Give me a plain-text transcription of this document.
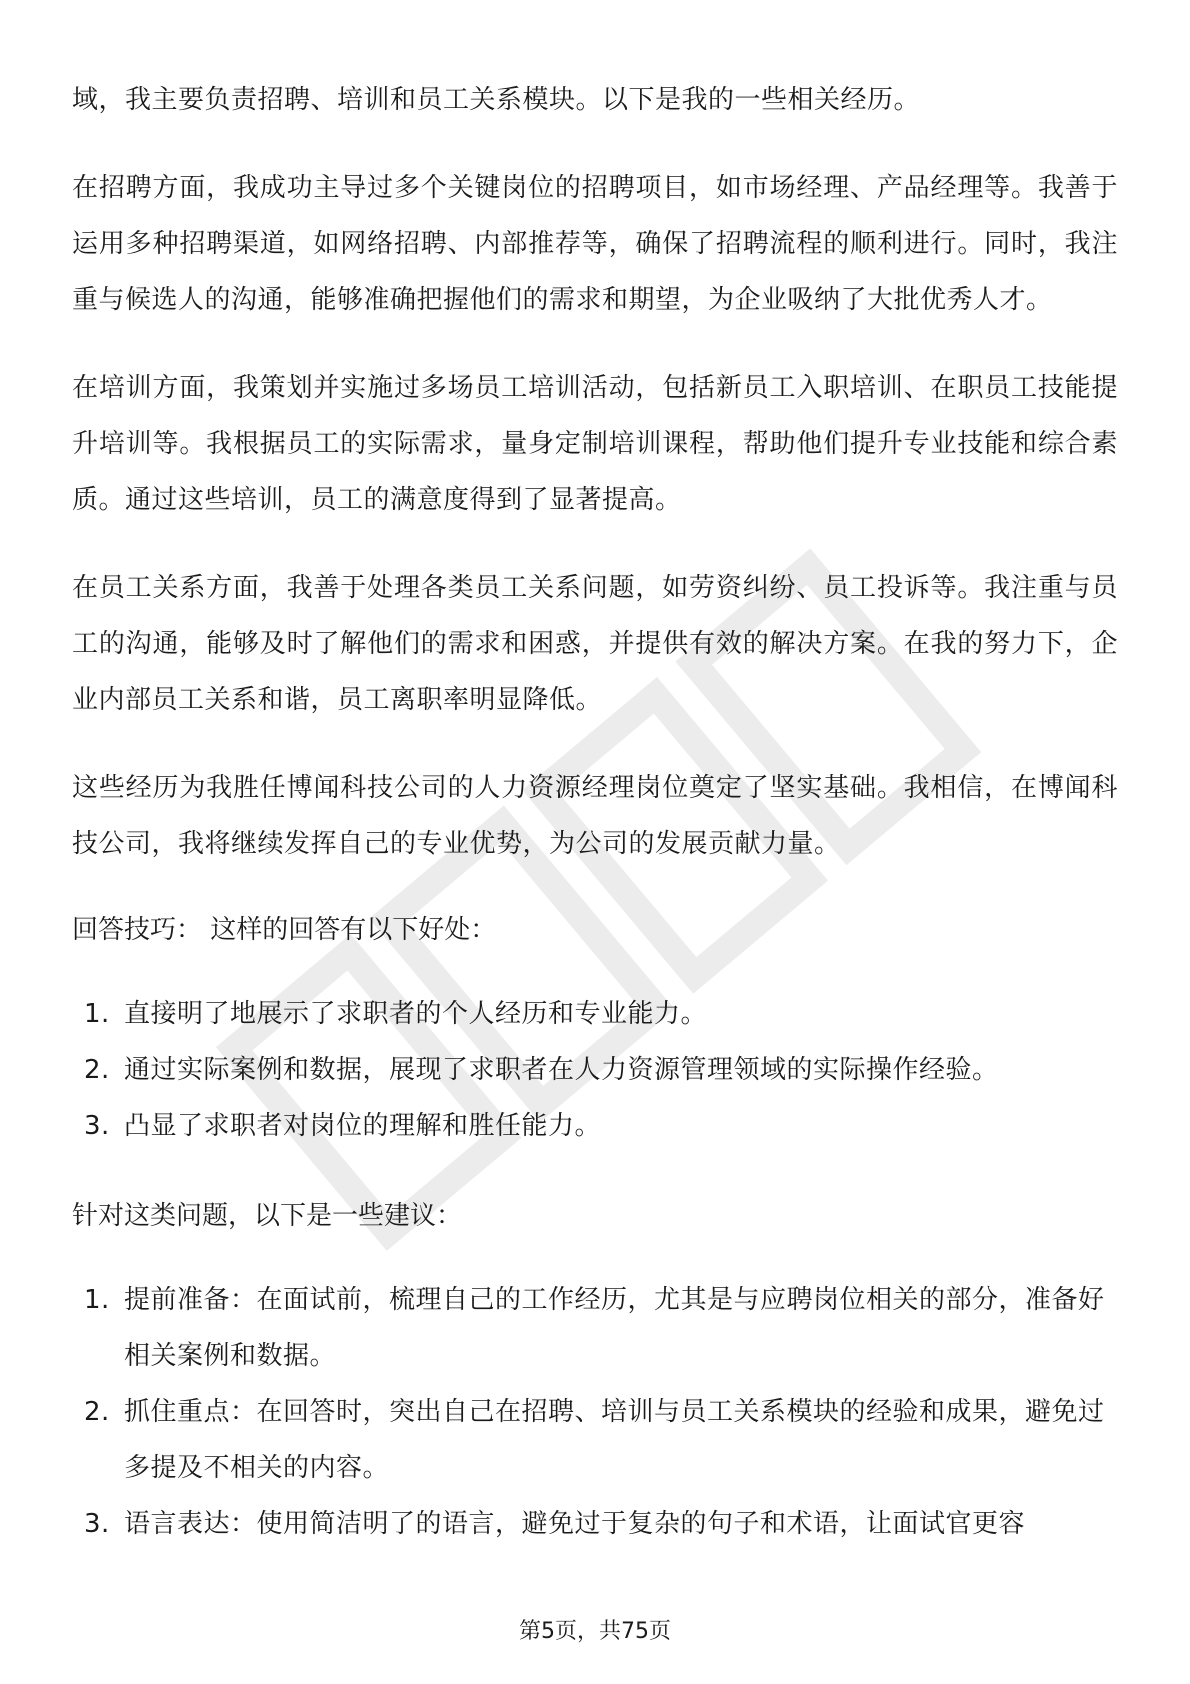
域，我主要负责招聘、培训和员工关系模块。以下是我的一些相关经历。

在招聘方面，我成功主导过多个关键岗位的招聘项目，如市场经理、产品经理等。我善于运用多种招聘渠道，如网络招聘、内部推荐等，确保了招聘流程的顺利进行。同时，我注重与候选人的沟通，能够准确把握他们的需求和期望，为企业吸纳了大批优秀人才。

在培训方面，我策划并实施过多场员工培训活动，包括新员工入职培训、在职员工技能提升培训等。我根据员工的实际需求，量身定制培训课程，帮助他们提升专业技能和综合素质。通过这些培训，员工的满意度得到了显著提高。

在员工关系方面，我善于处理各类员工关系问题，如劳资纠纷、员工投诉等。我注重与员工的沟通，能够及时了解他们的需求和困惑，并提供有效的解决方案。在我的努力下，企业内部员工关系和谐，员工离职率明显降低。

这些经历为我胜任博闻科技公司的人力资源经理岗位奠定了坚实基础。我相信，在博闻科技公司，我将继续发挥自己的专业优势，为公司的发展贡献力量。

回答技巧： 这样的回答有以下好处：

1. 直接明了地展示了求职者的个人经历和专业能力。
2. 通过实际案例和数据，展现了求职者在人力资源管理领域的实际操作经验。
3. 凸显了求职者对岗位的理解和胜任能力。

针对这类问题，以下是一些建议：

1. 提前准备：在面试前，梳理自己的工作经历，尤其是与应聘岗位相关的部分，准备好相关案例和数据。
2. 抓住重点：在回答时，突出自己在招聘、培训与员工关系模块的经验和成果，避免过多提及不相关的内容。
3. 语言表达：使用简洁明了的语言，避免过于复杂的句子和术语，让面试官更容
第5页，共75页
